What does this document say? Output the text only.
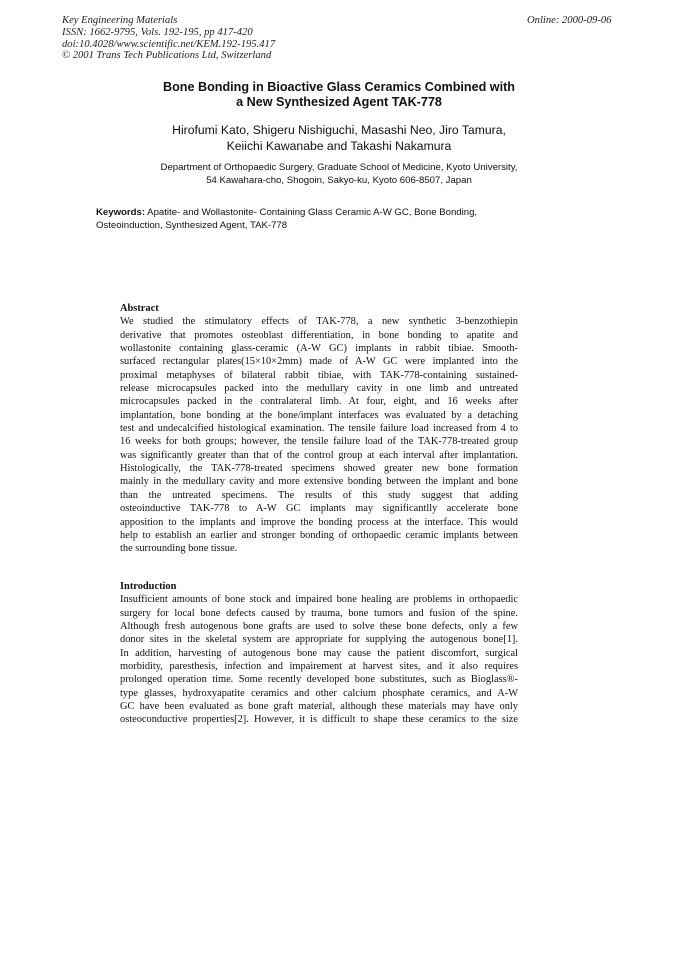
Key Engineering Materials
ISSN: 1662-9795, Vols. 192-195, pp 417-420
doi:10.4028/www.scientific.net/KEM.192-195.417
© 2001 Trans Tech Publications Ltd, Switzerland
Online: 2000-09-06
Bone Bonding in Bioactive Glass Ceramics Combined with
a New Synthesized Agent TAK-778
Hirofumi Kato, Shigeru Nishiguchi, Masashi Neo, Jiro Tamura,
Keiichi Kawanabe and Takashi Nakamura
Department of Orthopaedic Surgery, Graduate School of Medicine, Kyoto University,
54 Kawahara-cho, Shogoin, Sakyo-ku, Kyoto 606-8507, Japan
Keywords: Apatite- and Wollastonite- Containing Glass Ceramic A-W GC, Bone Bonding,
Osteoinduction, Synthesized Agent, TAK-778
Abstract
We studied the stimulatory effects of TAK-778, a new synthetic 3-benzothiepin
derivative that promotes osteoblast differentiation, in bone bonding to apatite and
wollastonite containing glass-ceramic (A-W GC) implants in rabbit tibiae. Smooth-
surfaced rectangular plates(15×10×2mm) made of A-W GC were implanted into the
proximal metaphyses of bilateral rabbit tibiae, with TAK-778-containing sustained-
release microcapsules packed into the medullary cavity in one limb and untreated
microcapsules packed in the contralateral limb. At four, eight, and 16 weeks after
implantation, bone bonding at the bone/implant interfaces was evaluated by a detaching
test and undecalcified histological examination. The tensile failure load increased from 4 to
16 weeks for both groups; however, the tensile failure load of the TAK-778-treated group
was significantly greater than that of the control group at each interval after implantation.
Histologically, the TAK-778-treated specimens showed greater new bone formation
mainly in the medullary cavity and more extensive bonding between the implant and bone
than the untreated specimens. The results of this study suggest that adding
osteoinductive TAK-778 to A-W GC implants may significantlly accelerate bone
apposition to the implants and improve the bonding process at the interface. This would
help to establish an earlier and stronger bonding of orthopaedic ceramic implants between
the surrounding bone tissue.
Introduction
Insufficient amounts of bone stock and impaired bone healing are problems in orthopaedic
surgery for local bone defects caused by trauma, bone tumors and fusion of the spine.
Although fresh autogenous bone grafts are used to solve these bone defects, only a few
donor sites in the skeletal system are appropriate for supplying the autogenous bone[1].
In addition, harvesting of autogenous bone may cause the patient discomfort, surgical
morbidity, paresthesis, infection and impairement at harvest sites, and it also requires
prolonged operation time. Some recently developed bone substitutes, such as Bioglass®-
type glasses, hydroxyapatite ceramics and other calcium phosphate ceramics, and A-W
GC have been evaluated as bone graft material, although these materials may have only
osteoconductive properties[2]. However, it is difficult to shape these ceramics to the size
